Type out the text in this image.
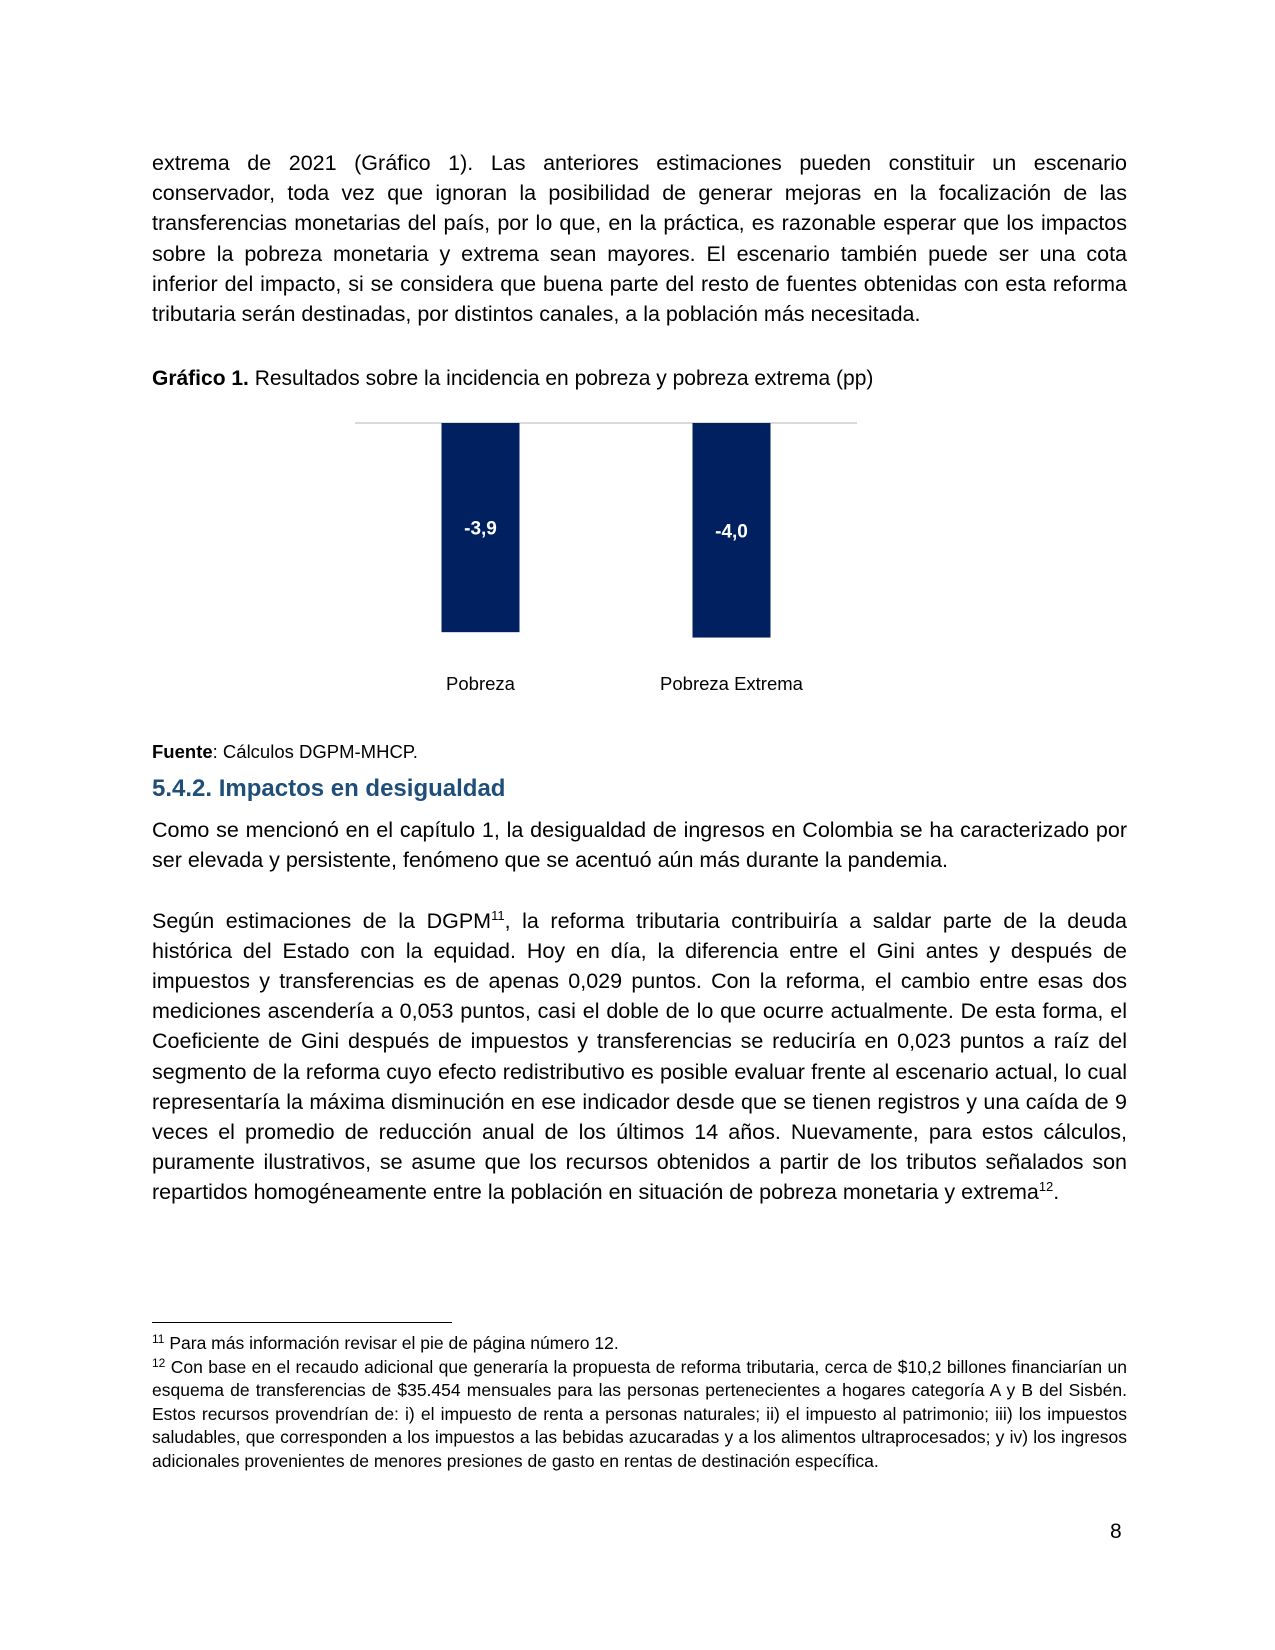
extrema de 2021 (Gráfico 1). Las anteriores estimaciones pueden constituir un escenario conservador, toda vez que ignoran la posibilidad de generar mejoras en la focalización de las transferencias monetarias del país, por lo que, en la práctica, es razonable esperar que los impactos sobre la pobreza monetaria y extrema sean mayores. El escenario también puede ser una cota inferior del impacto, si se considera que buena parte del resto de fuentes obtenidas con esta reforma tributaria serán destinadas, por distintos canales, a la población más necesitada.

Gráfico 1. Resultados sobre la incidencia en pobreza y pobreza extrema (pp)

-3,9
Pobreza
-4,0
Pobreza Extrema

Fuente: Cálculos DGPM-MHCP.

5.4.2. Impactos en desigualdad

Como se mencionó en el capítulo 1, la desigualdad de ingresos en Colombia se ha caracterizado por ser elevada y persistente, fenómeno que se acentuó aún más durante la pandemia.

Según estimaciones de la DGPM$^{11}$, la reforma tributaria contribuiría a saldar parte de la deuda histórica del Estado con la equidad. Hoy en día, la diferencia entre el Gini antes y después de impuestos y transferencias es de apenas 0,029 puntos. Con la reforma, el cambio entre esas dos mediciones ascendería a 0,053 puntos, casi el doble de lo que ocurre actualmente. De esta forma, el Coeficiente de Gini después de impuestos y transferencias se reduciría en 0,023 puntos a raíz del segmento de la reforma cuyo efecto redistributivo es posible evaluar frente al escenario actual, lo cual representaría la máxima disminución en ese indicador desde que se tienen registros y una caída de 9 veces el promedio de reducción anual de los últimos 14 años. Nuevamente, para estos cálculos, puramente ilustrativos, se asume que los recursos obtenidos a partir de los tributos señalados son repartidos homogéneamente entre la población en situación de pobreza monetaria y extrema$^{12}$.

$^{11}$ Para más información revisar el pie de página número 12.

$^{12}$ Con base en el recaudo adicional que generaría la propuesta de reforma tributaria, cerca de $10,2 billones financiarían un esquema de transferencias de $35.454 mensuales para las personas pertenecientes a hogares categoría A y B del Sisbén. Estos recursos provendrían de: i) el impuesto de renta a personas naturales; ii) el impuesto al patrimonio; iii) los impuestos saludables, que corresponden a los impuestos a las bebidas azucaradas y a los alimentos ultraprocesados; y iv) los ingresos adicionales provenientes de menores presiones de gasto en rentas de destinación específica.

8
